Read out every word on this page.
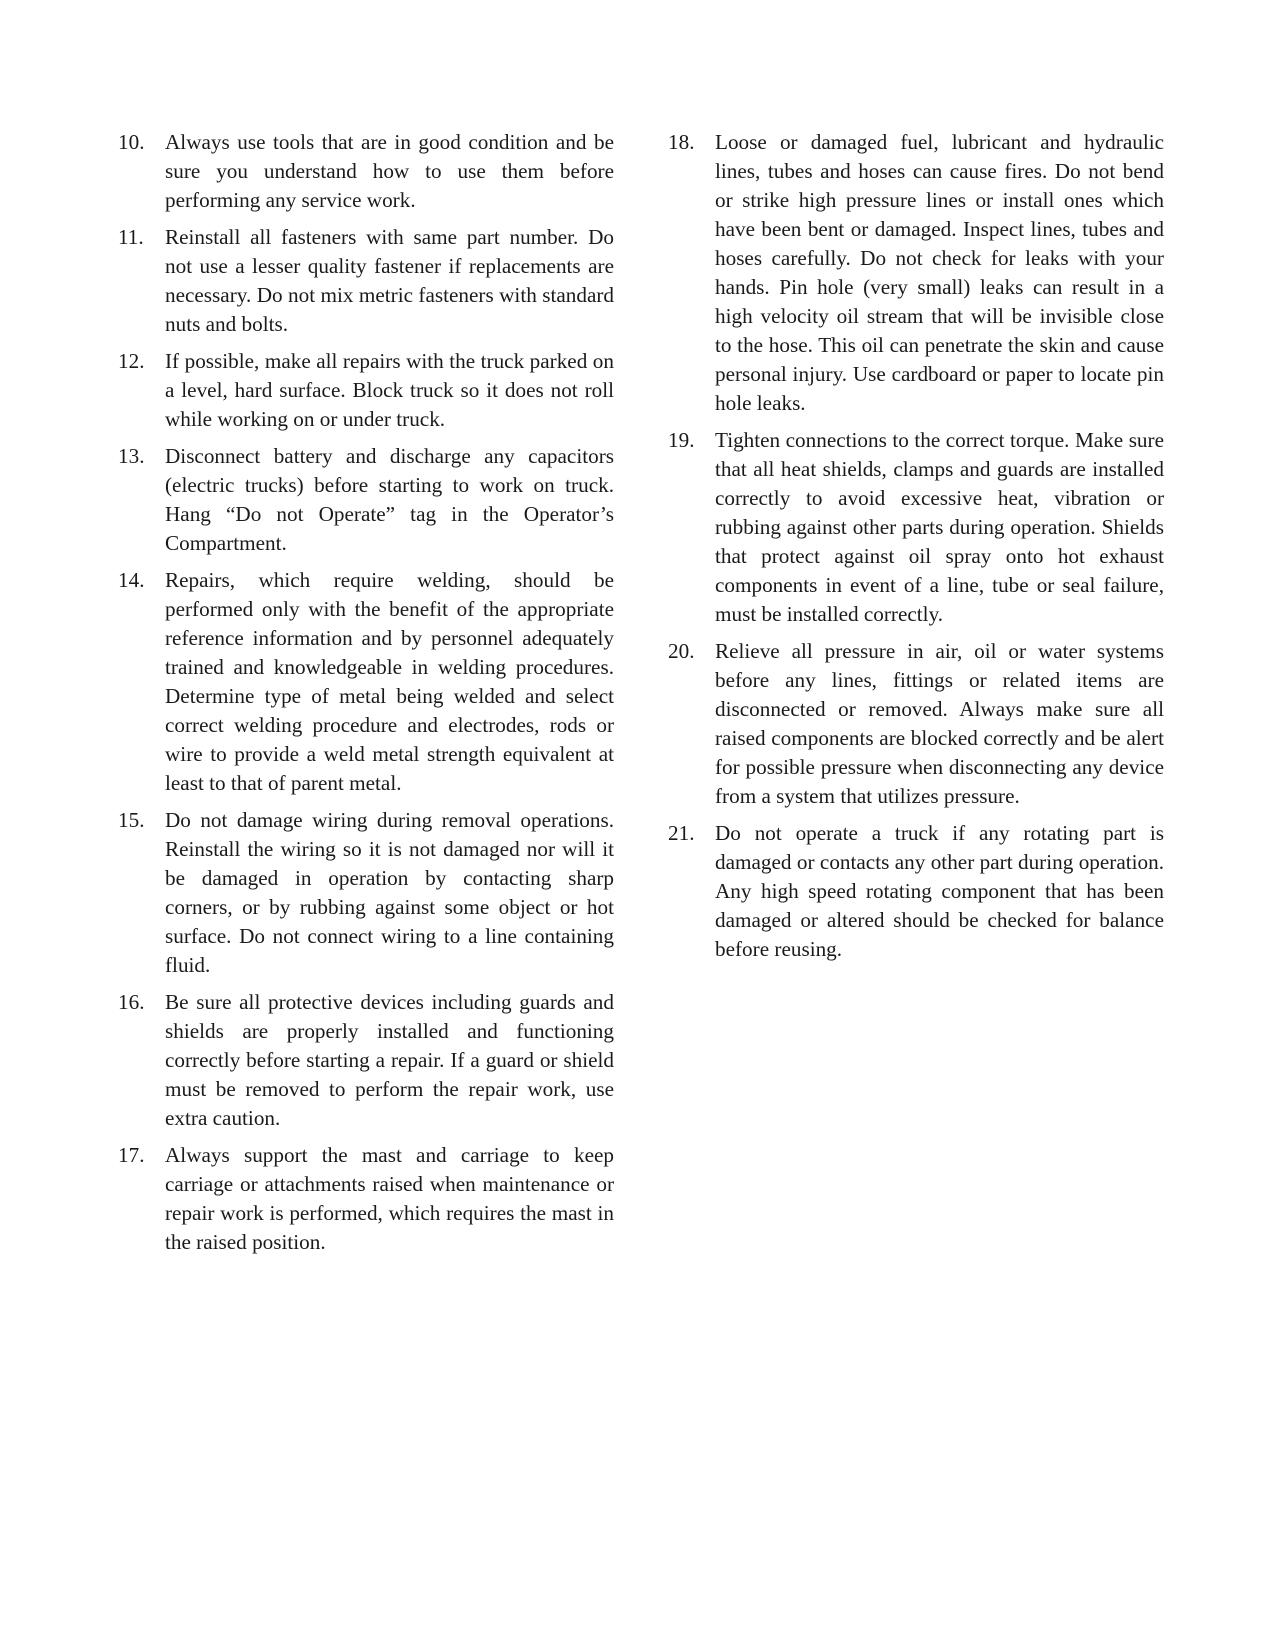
10. Always use tools that are in good condition and be sure you understand how to use them before performing any service work.
11.	Reinstall all fasteners with same part number. Do not use a lesser quality fastener if replacements are necessary. Do not mix metric fasteners with standard nuts and bolts.
12. If possible, make all repairs with the truck parked on a level, hard surface. Block truck so it does not roll while working on or under truck.
13. Disconnect battery and discharge any capacitors (electric trucks) before starting to work on truck. Hang “Do not Operate” tag in the Operator’s Compartment.
14. Repairs, which require welding, should be performed only with the benefit of the appropriate reference information and by personnel adequately trained and knowledgeable in welding procedures. Determine type of metal being welded and select correct welding procedure and electrodes, rods or wire to provide a weld metal strength equivalent at least to that of parent metal.
15. Do not damage wiring during removal operations. Reinstall the wiring so it is not damaged nor will it be damaged in operation by contacting sharp corners, or by rubbing against some object or hot surface. Do not connect wiring to a line containing fluid.
16. Be sure all protective devices including guards and shields are properly installed and functioning correctly before starting a repair. If a guard or shield must be removed to perform the repair work, use extra caution.
17. Always support the mast and carriage to keep carriage or attachments raised when maintenance or repair work is performed, which requires the mast in the raised position.
18. Loose or damaged fuel, lubricant and hydraulic lines, tubes and hoses can cause fires. Do not bend or strike high pressure lines or install ones which have been bent or damaged. Inspect lines, tubes and hoses carefully. Do not check for leaks with your hands. Pin hole (very small) leaks can result in a high velocity oil stream that will be invisible close to the hose. This oil can penetrate the skin and cause personal injury. Use cardboard or paper to locate pin hole leaks.
19. Tighten connections to the correct torque. Make sure that all heat shields, clamps and guards are installed correctly to avoid excessive heat, vibration or rubbing against other parts during operation. Shields that protect against oil spray onto hot exhaust components in event of a line, tube or seal failure, must be installed correctly.
20. Relieve all pressure in air, oil or water systems before any lines, fittings or related items are disconnected or removed. Always make sure all raised components are blocked correctly and be alert for possible pressure when disconnecting any device from a system that utilizes pressure.
21. Do not operate a truck if any rotating part is damaged or contacts any other part during operation. Any high speed rotating component that has been damaged or altered should be checked for balance before reusing.
